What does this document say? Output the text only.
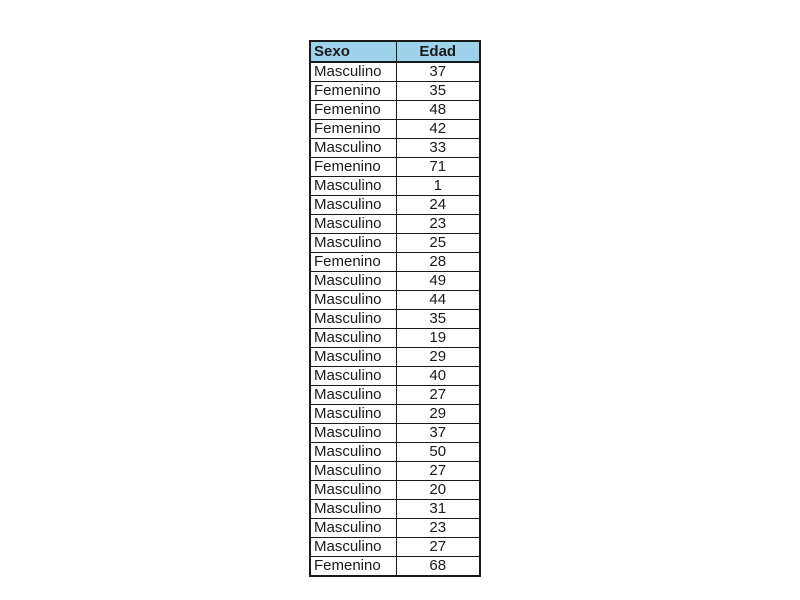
Sexo	Edad
Masculino	37
Femenino	35
Femenino	48
Femenino	42
Masculino	33
Femenino	71
Masculino	1
Masculino	24
Masculino	23
Masculino	25
Femenino	28
Masculino	49
Masculino	44
Masculino	35
Masculino	19
Masculino	29
Masculino	40
Masculino	27
Masculino	29
Masculino	37
Masculino	50
Masculino	27
Masculino	20
Masculino	31
Masculino	23
Masculino	27
Femenino	68
